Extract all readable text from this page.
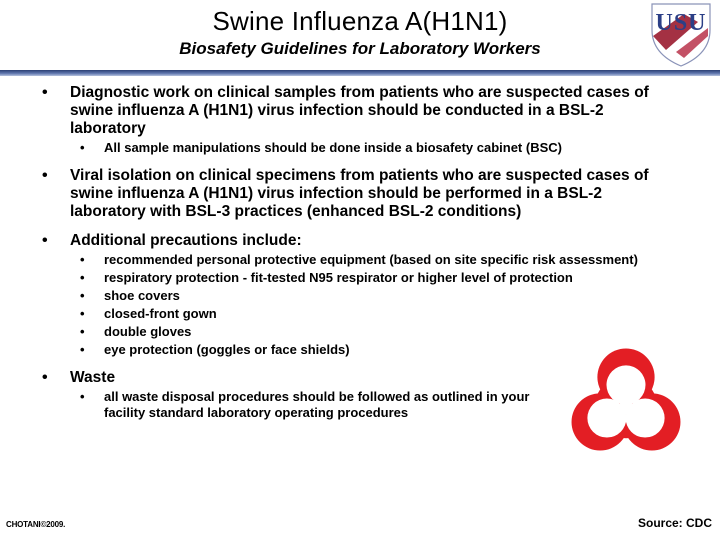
Swine Influenza A(H1N1)
Biosafety Guidelines for Laboratory Workers
USU
• Diagnostic work on clinical samples from patients who are suspected cases of swine influenza A (H1N1) virus infection should be conducted in a BSL-2 laboratory
• All sample manipulations should be done inside a biosafety cabinet (BSC)
• Viral isolation on clinical specimens from patients who are suspected cases of swine influenza A (H1N1) virus infection should be performed in a BSL-2 laboratory with BSL-3 practices (enhanced BSL-2 conditions)
• Additional precautions include:
• recommended personal protective equipment (based on site specific risk assessment)
• respiratory protection - fit-tested N95 respirator or higher level of protection
• shoe covers
• closed-front gown
• double gloves
• eye protection (goggles or face shields)
• Waste
• all waste disposal procedures should be followed as outlined in your facility standard laboratory operating procedures
CHOTANI©2009.	Source: CDC
